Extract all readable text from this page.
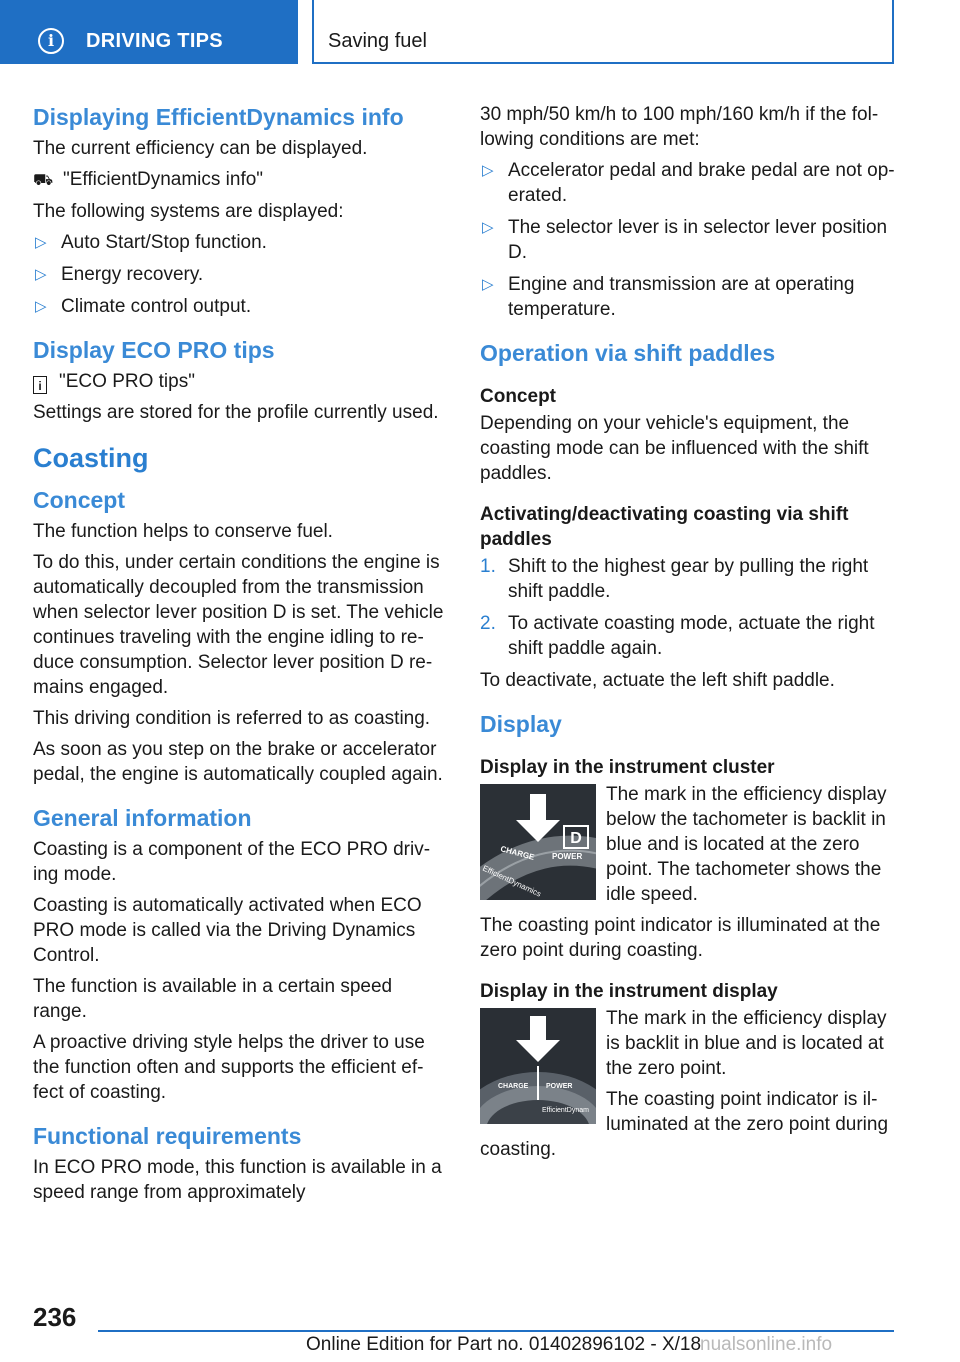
i	DRIVING TIPS	Saving fuel
Displaying EfficientDynamics info

The current efficiency can be displayed.

⛟ "EfficientDynamics info"

The following systems are displayed:

▷ Auto Start/Stop function.
▷ Energy recovery.
▷ Climate control output.
Display ECO PRO tips
i "ECO PRO tips"

Settings are stored for the profile currently used.

Coasting
Concept

The function helps to conserve fuel.

To do this, under certain conditions the engine is automatically decoupled from the transmission when selector lever position D is set. The vehicle continues traveling with the engine idling to re-duce consumption. Selector lever position D re-mains engaged.

This driving condition is referred to as coasting.

As soon as you step on the brake or accelerator pedal, the engine is automatically coupled again.

General information

Coasting is a component of the ECO PRO driv-ing mode.

Coasting is automatically activated when ECO PRO mode is called via the Driving Dynamics Control.

The function is available in a certain speed range.

A proactive driving style helps the driver to use the function often and supports the efficient ef-fect of coasting.

Functional requirements

In ECO PRO mode, this function is available in a speed range from approximately

30 mph/50 km/h to 100 mph/160 km/h if the fol-lowing conditions are met:

▷ Accelerator pedal and brake pedal are not op-erated.
▷ The selector lever is in selector lever position D.
▷ Engine and transmission are at operating temperature.
Operation via shift paddles
Concept

Depending on your vehicle's equipment, the coasting mode can be influenced with the shift paddles.

Activating/deactivating coasting via shift paddles
1. Shift to the highest gear by pulling the right shift paddle.
2. To activate coasting mode, actuate the right shift paddle again.

To deactivate, actuate the left shift paddle.

Display
Display in the instrument cluster
D
CHARGE POWER
EfficientDynamics

The mark in the efficiency display below the tachometer is backlit in blue and is located at the zero point. The tachometer shows the idle speed.

The coasting point indicator is illuminated at the zero point during coasting.

Display in the instrument display
CHARGE	POWER
EfficientDynam

The mark in the efficiency display is backlit in blue and is located at the zero point.

The coasting point indicator is il-luminated at the zero point during coasting.

236
Online Edition for Part no. 01402896102 - X/18
nualsonline.info
